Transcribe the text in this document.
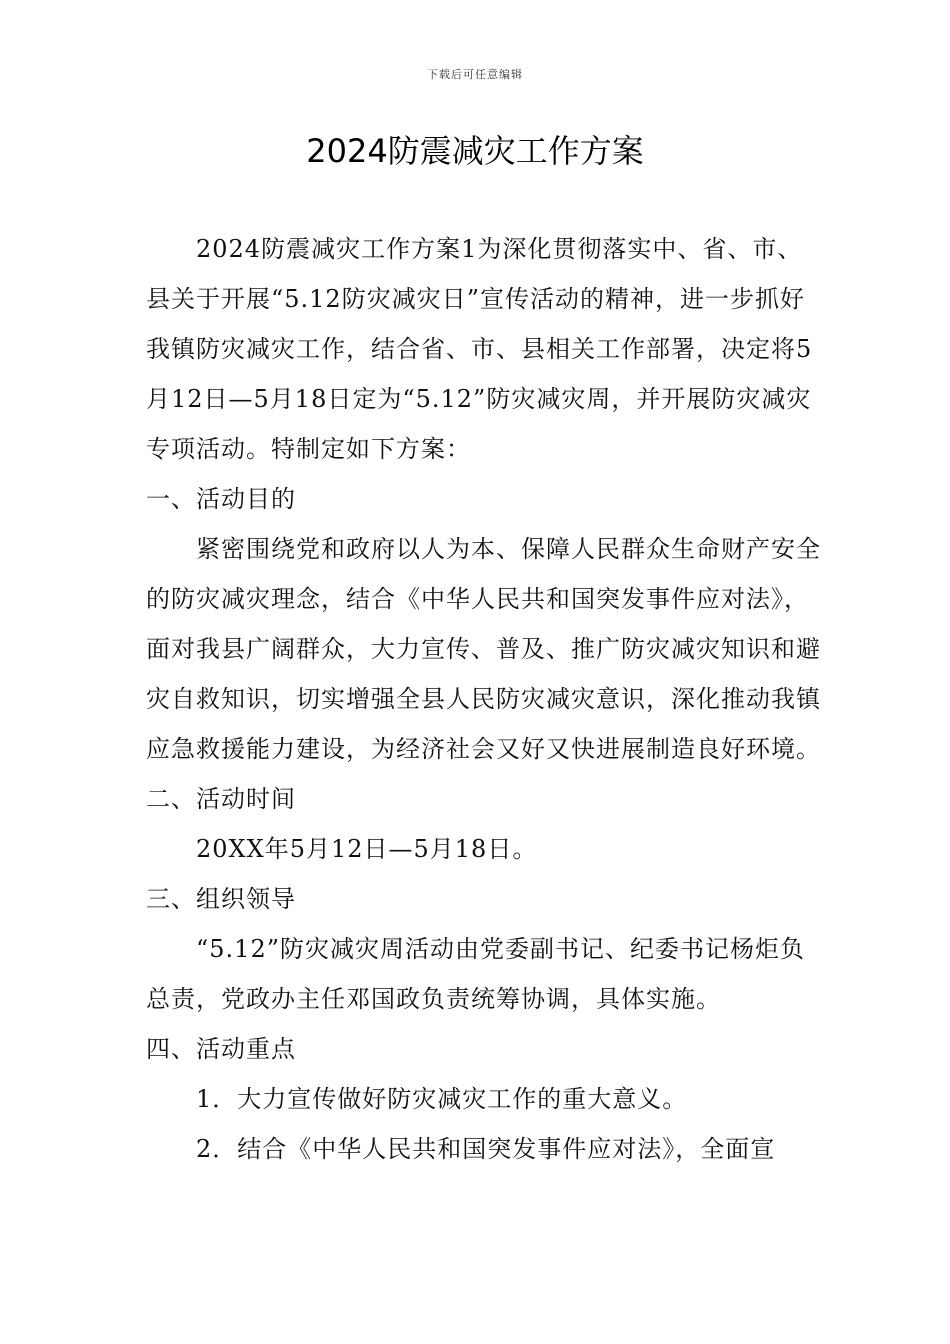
下载后可任意编辑
2024防震减灾工作方案

2024防震减灾工作方案1为深化贯彻落实中、省、市、县关于开展“5.12防灾减灾日”宣传活动的精神，进一步抓好我镇防灾减灾工作，结合省、市、县相关工作部署，决定将5月12日—5月18日定为“5.12”防灾减灾周，并开展防灾减灾专项活动。特制定如下方案：

一、活动目的

紧密围绕党和政府以人为本、保障人民群众生命财产安全的防灾减灾理念，结合《中华人民共和国突发事件应对法》，面对我县广阔群众，大力宣传、普及、推广防灾减灾知识和避灾自救知识，切实增强全县人民防灾减灾意识，深化推动我镇应急救援能力建设，为经济社会又好又快进展制造良好环境。

二、活动时间

20XX年5月12日—5月18日。

三、组织领导

“5.12”防灾减灾周活动由党委副书记、纪委书记杨炬负总责，党政办主任邓国政负责统筹协调，具体实施。

四、活动重点

1．大力宣传做好防灾减灾工作的重大意义。

2．结合《中华人民共和国突发事件应对法》，全面宣
